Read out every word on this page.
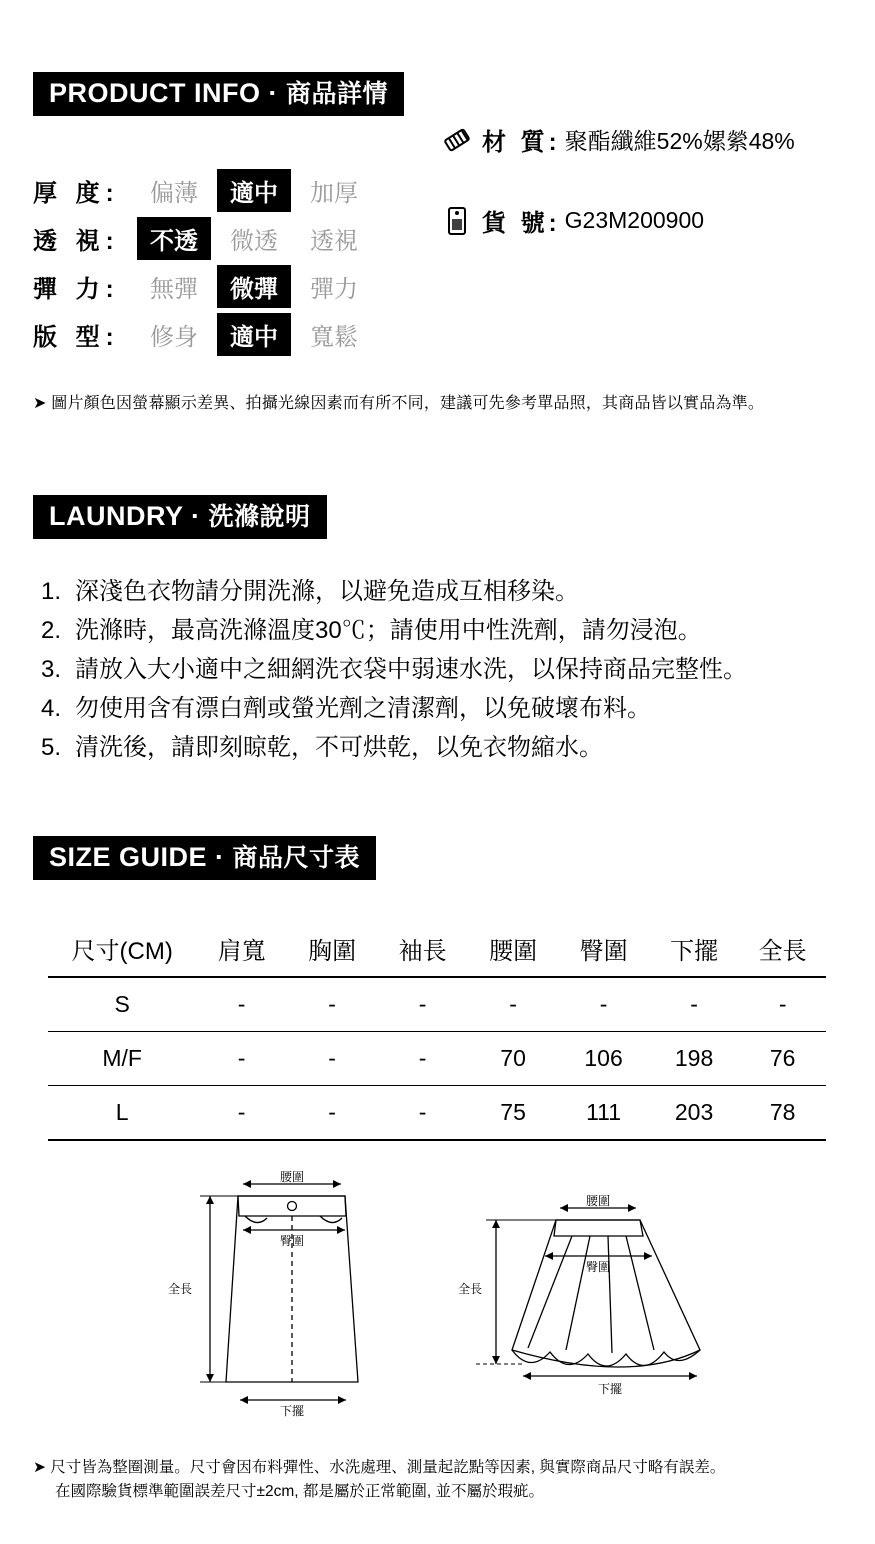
PRODUCT INFO · 商品詳情
厚 度:	偏薄	適中	加厚
透 視:	不透	微透	透視
彈 力:	無彈	微彈	彈力
版 型:	修身	適中	寬鬆
材 質: 聚酯纖維52%嫘縈48%
貨 號: G23M200900
➤ 圖片顏色因螢幕顯示差異、拍攝光線因素而有所不同，建議可先參考單品照，其商品皆以實品為準。
LAUNDRY · 洗滌說明
1. 深淺色衣物請分開洗滌，以避免造成互相移染。
2. 洗滌時，最高洗滌溫度30℃；請使用中性洗劑，請勿浸泡。
3. 請放入大小適中之細網洗衣袋中弱速水洗，以保持商品完整性。
4. 勿使用含有漂白劑或螢光劑之清潔劑，以免破壞布料。
5. 清洗後，請即刻晾乾，不可烘乾，以免衣物縮水。
SIZE GUIDE · 商品尺寸表
尺寸(CM)	肩寬	胸圍	袖長	腰圍	臀圍	下擺	全長
S	-	-	-	-	-	-	-
M/F	-	-	-	70	106	198	76
L	-	-	-	75	111	203	78
腰圍
臀圍
下擺
全長
腰圍
臀圍
下擺
全長
➤ 尺寸皆為整圈測量。尺寸會因布料彈性、水洗處理、測量起訖點等因素, 與實際商品尺寸略有誤差。
在國際驗貨標準範圍誤差尺寸±2cm, 都是屬於正常範圍, 並不屬於瑕疵。
